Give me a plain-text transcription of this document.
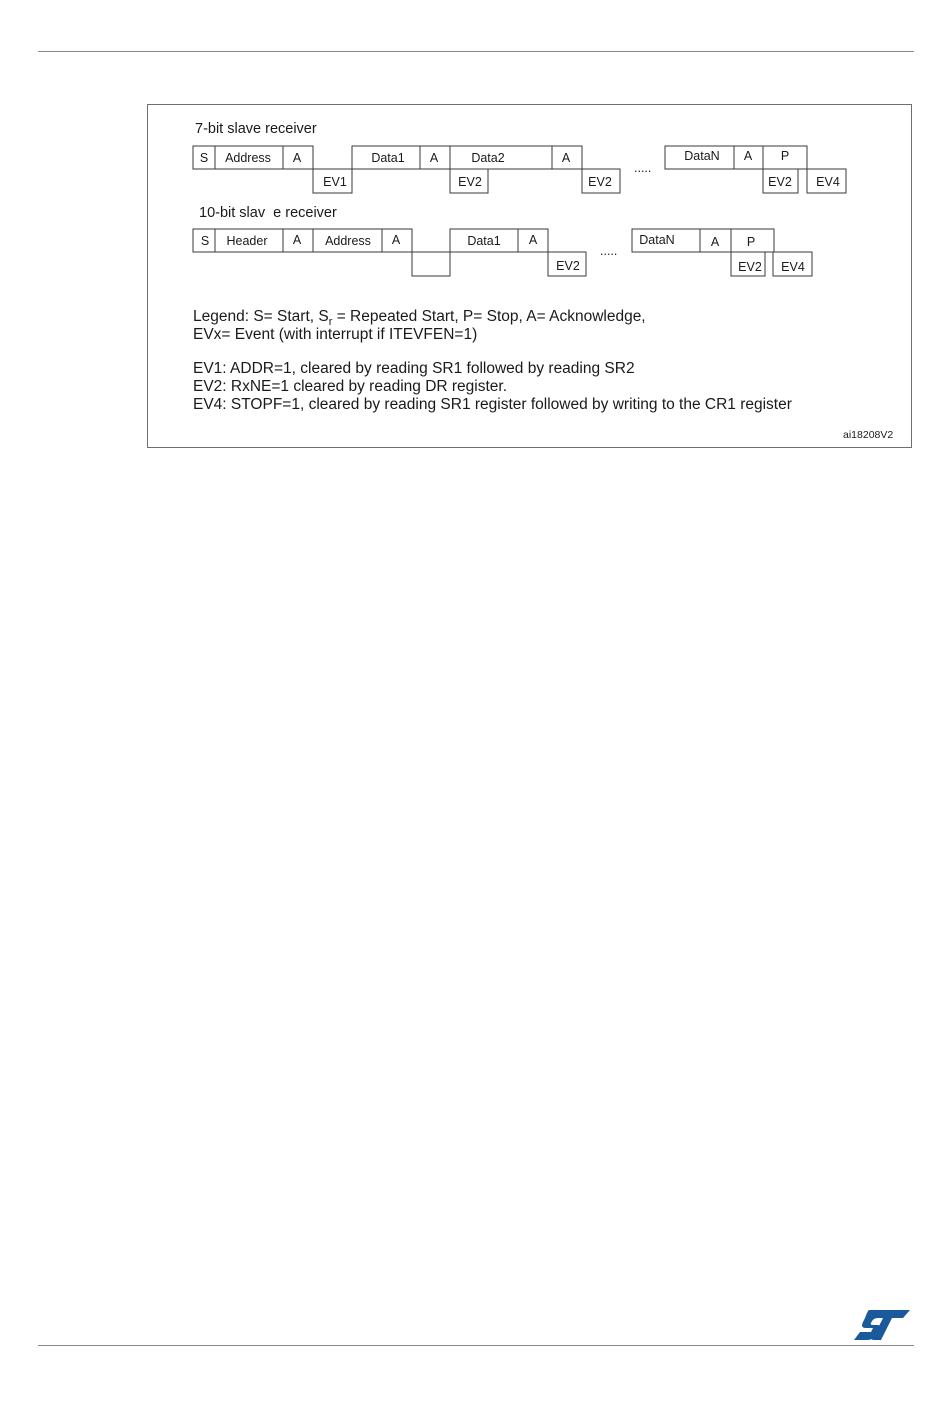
7-bit slave receiver
10-bit slav  e receiver
S Address A	Data1 A	Data2	A	DataN A P
EV1	EV2	EV2	EV2 EV4
S Header A Address A	Data1 A	DataN	A P
EV2	EV2 EV4
.....
.....
Legend: S= Start, $S_r$ = Repeated Start, P= Stop, A= Acknowledge,
EVx= Event (with interrupt if ITEVFEN=1)
EV1: ADDR=1, cleared by reading SR1 followed by reading SR2
EV2: RxNE=1 cleared by reading DR register.
EV4: STOPF=1, cleared by reading SR1 register followed by writing to the CR1 register
ai18208V2
